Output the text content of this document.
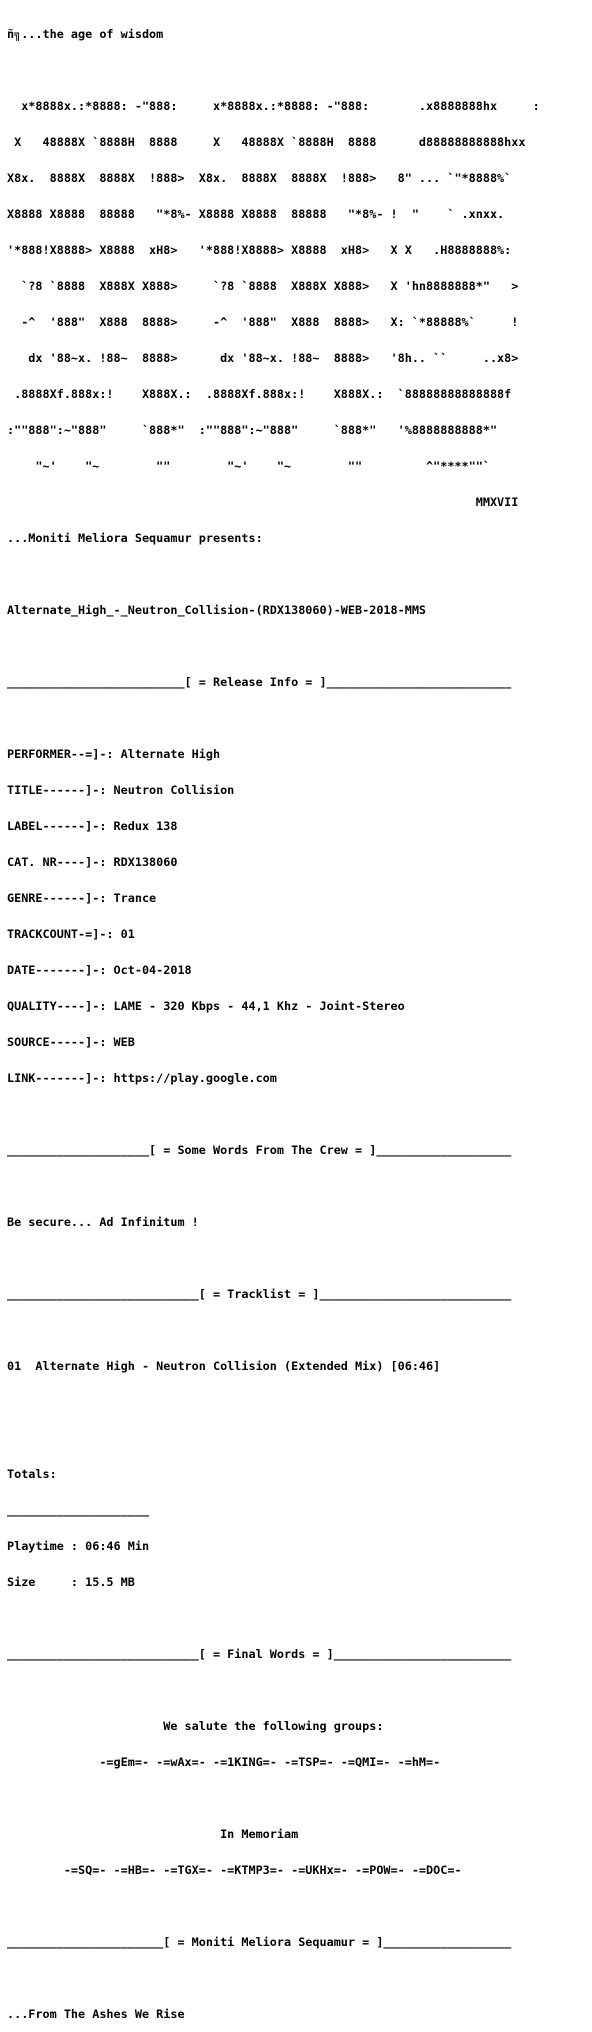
ñ╗...the age of wisdom

x*8888x.:*8888: -"888:     x*8888x.:*8888: -"888:       .x8888888hx     :

X   48888X `8888H  8888     X   48888X `8888H  8888      d88888888888hxx

X8x.  8888X  8888X  !888>  X8x.  8888X  8888X  !888>   8" ... `"*8888%`

X8888 X8888  88888   "*8%- X8888 X8888  88888   "*8%- !  "    ` .xnxx.

'*888!X8888> X8888  xH8>   '*888!X8888> X8888  xH8>   X X   .H8888888%:

`?8 `8888  X888X X888>     `?8 `8888  X888X X888>   X 'hn8888888*"   >

-^  '888"  X888  8888>     -^  '888"  X888  8888>   X: `*88888%`     !

dx '88~x. !88~  8888>      dx '88~x. !88~  8888>   '8h.. ``     ..x8>

.8888Xf.888x:!    X888X.:  .8888Xf.888x:!    X888X.:  `88888888888888f

:""888":~"888"     `888*"  :""888":~"888"     `888*"   '%8888888888*"

"~'    "~        ""        "~'    "~        ""         ^"****""`

MMXVII

...Moniti Meliora Sequamur presents:

Alternate_High_-_Neutron_Collision-(RDX138060)-WEB-2018-MMS

_________________________[ = Release Info = ]__________________________

PERFORMER--=]-: Alternate High

TITLE------]-: Neutron Collision

LABEL------]-: Redux 138

CAT. NR----]-: RDX138060

GENRE------]-: Trance

TRACKCOUNT-=]-: 01

DATE-------]-: Oct-04-2018

QUALITY----]-: LAME - 320 Kbps - 44,1 Khz - Joint-Stereo

SOURCE-----]-: WEB

LINK-------]-: https://play.google.com

____________________[ = Some Words From The Crew = ]___________________

Be secure... Ad Infinitum !

___________________________[ = Tracklist = ]___________________________

01  Alternate High - Neutron Collision (Extended Mix) [06:46]

Totals:

____________________

Playtime : 06:46 Min

Size     : 15.5 MB

___________________________[ = Final Words = ]_________________________

We salute the following groups:

-=gEm=- -=wAx=- -=1KING=- -=TSP=- -=QMI=- -=hM=-

In Memoriam

-=SQ=- -=HB=- -=TGX=- -=KTMP3=- -=UKHx=- -=POW=- -=DOC=-

______________________[ = Moniti Meliora Sequamur = ]__________________

...From The Ashes We Rise
